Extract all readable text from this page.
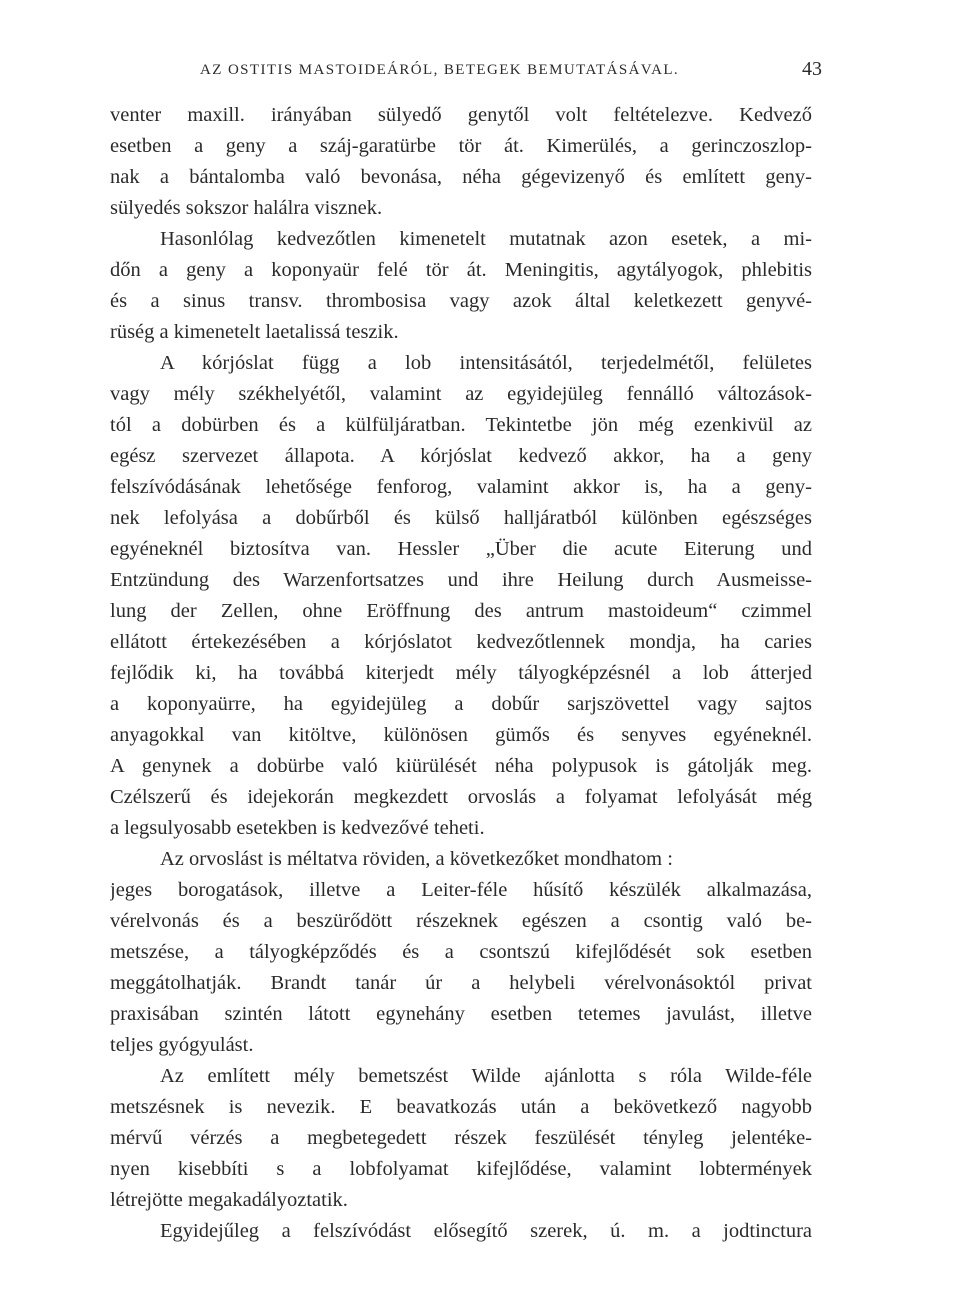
AZ OSTITIS MASTOIDEÁRÓL, BETEGEK BEMUTATÁSÁVAL.	43
venter maxill. irányában sülyedő genytől volt feltételezve. Kedvező
esetben a geny a száj-garatürbe tör át. Kimerülés, a gerinczoszlop-
nak a bántalomba való bevonása, néha gégevizenyő és említett geny-
sülyedés sokszor halálra visznek.
Hasonlólag kedvezőtlen kimenetelt mutatnak azon esetek, a mi-
dőn a geny a koponyaür felé tör át. Meningitis, agytályogok, phlebitis
és a sinus transv. thrombosisa vagy azok által keletkezett genyvé-
rüség a kimenetelt laetalissá teszik.
A kórjóslat függ a lob intensitásától, terjedelmétől, felületes
vagy mély székhelyétől, valamint az egyidejüleg fennálló változások-
tól a dobürben és a külfüljáratban. Tekintetbe jön még ezenkivül az
egész szervezet állapota. A kórjóslat kedvező akkor, ha a geny
felszívódásának lehetősége fenforog, valamint akkor is, ha a geny-
nek lefolyása a dobűrből és külső halljáratból különben egészséges
egyéneknél biztosítva van. Hessler „Über die acute Eiterung und
Entzündung des Warzenfortsatzes und ihre Heilung durch Ausmeisse-
lung der Zellen, ohne Eröffnung des antrum mastoideum“ czimmel
ellátott értekezésében a kórjóslatot kedvezőtlennek mondja, ha caries
fejlődik ki, ha továbbá kiterjedt mély tályogképzésnél a lob átterjed
a koponyaürre, ha egyidejüleg a dobűr sarjszövettel vagy sajtos
anyagokkal van kitöltve, különösen gümős és senyves egyéneknél.
A genynek a dobürbe való kiürülését néha polypusok is gátolják meg.
Czélszerű és idejekorán megkezdett orvoslás a folyamat lefolyását még
a legsulyosabb esetekben is kedvezővé teheti.
Az orvoslást is méltatva röviden, a következőket mondhatom :
jeges borogatások, illetve a Leiter-féle hűsítő készülék alkalmazása,
vérelvonás és a beszürődött részeknek egészen a csontig való be-
metszése, a tályogképződés és a csontszú kifejlődését sok esetben
meggátolhatják. Brandt tanár úr a helybeli vérelvonásoktól privat
praxisában szintén látott egynehány esetben tetemes javulást, illetve
teljes gyógyulást.
Az említett mély bemetszést Wilde ajánlotta s róla Wilde-féle
metszésnek is nevezik. E beavatkozás után a bekövetkező nagyobb
mérvű vérzés a megbetegedett részek feszülését tényleg jelentéke-
nyen kisebbíti s a lobfolyamat kifejlődése, valamint lobtermények
létrejötte megakadályoztatik.
Egyidejűleg a felszívódást elősegítő szerek, ú. m. a jodtinctura
